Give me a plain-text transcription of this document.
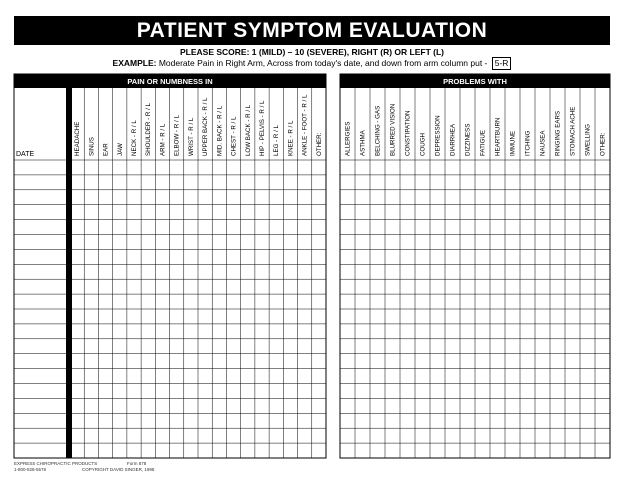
PATIENT SYMPTOM EVALUATION
PLEASE SCORE: 1 (MILD) – 10 (SEVERE), RIGHT (R) OR LEFT (L)
EXAMPLE: Moderate Pain in Right Arm, Across from today's date, and down from arm column put - 5-R
PAIN OR NUMBNESS IN
HEADACHE SINUS EAR JAW NECK - R / L SHOULDER - R / L ARM - R / L ELBOW - R / L WRIST - R / L UPPER BACK - R / L MID. BACK - R / L CHEST - R / L LOW BACK - R / L HIP - PELVIS - R / L LEG - R / L KNEE - R / L ANKLE - FOOT - R / L OTHER:
DATE
PROBLEMS WITH
ALLERGIES ASTHMA BELCHING - GAS BLURRED VISION CONSTIPATION COUGH DEPRESSION DIARRHEA DIZZINESS FATIGUE HEARTBURN IMMUNE ITCHING NAUSEA RINGING EARS STOMACH ACHE SWELLING OTHER:
EXPRESS CHIROPRACTIC PRODUCTS	Form 878
1-800-528-5578	COPYRIGHT DAVID SINGER, 1998
